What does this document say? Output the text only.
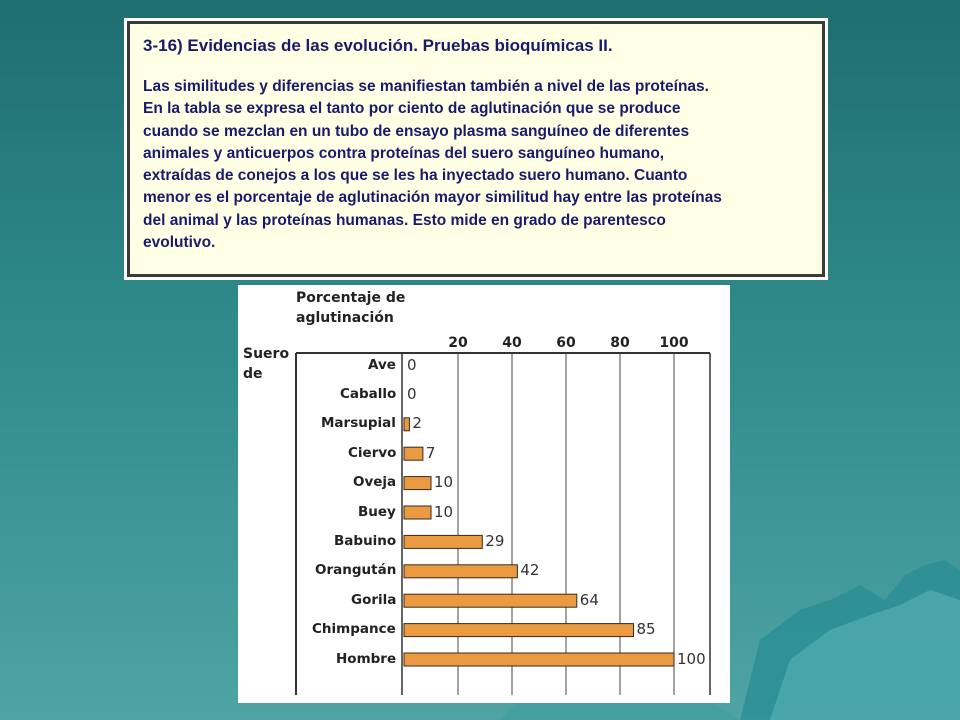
3-16) Evidencias de las evolución. Pruebas bioquímicas II.

Las similitudes y diferencias se manifiestan también a nivel de las proteínas.
En la tabla se expresa el tanto por ciento de aglutinación que se produce
cuando se mezclan en un tubo de ensayo plasma sanguíneo de diferentes
animales y anticuerpos contra proteínas del suero sanguíneo humano,
extraídas de conejos a los que se les ha inyectado suero humano. Cuanto
menor es el porcentaje de aglutinación mayor similitud hay entre las proteínas
del animal y las proteínas humanas. Esto mide en grado de parentesco
evolutivo.

Porcentaje de
aglutinación
Suero
de
20 40 60 80 100
Ave 0
Caballo 0
Marsupial 2
Ciervo 7
Oveja	10
Buey	10
Babuino	29
Orangután	42
Gorila	64
Chimpance	85
Hombre	100
